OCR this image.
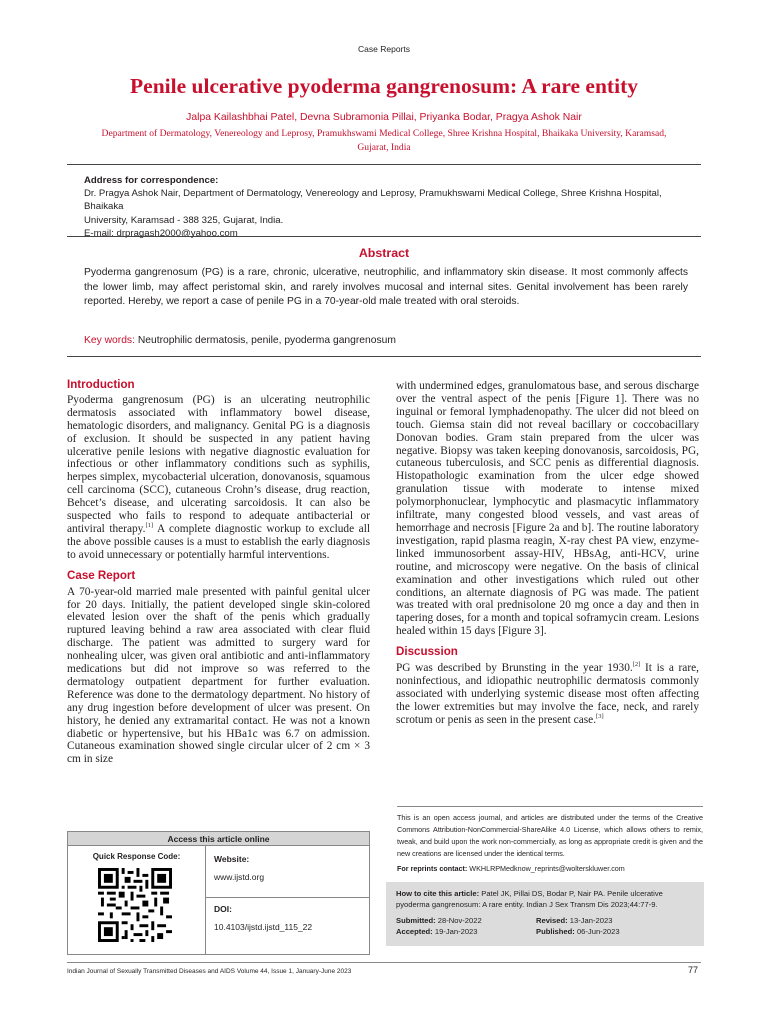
Case Reports
Penile ulcerative pyoderma gangrenosum: A rare entity
Jalpa Kailashbhai Patel, Devna Subramonia Pillai, Priyanka Bodar, Pragya Ashok Nair
Department of Dermatology, Venereology and Leprosy, Pramukhswami Medical College, Shree Krishna Hospital, Bhaikaka University, Karamsad, Gujarat, India
Address for correspondence:
Dr. Pragya Ashok Nair, Department of Dermatology, Venereology and Leprosy, Pramukhswami Medical College, Shree Krishna Hospital, Bhaikaka
University, Karamsad - 388 325, Gujarat, India.
E-mail: drpragash2000@yahoo.com
Abstract
Pyoderma gangrenosum (PG) is a rare, chronic, ulcerative, neutrophilic, and inflammatory skin disease. It most commonly affects the lower limb, may affect peristomal skin, and rarely involves mucosal and internal sites. Genital involvement has been rarely reported. Hereby, we report a case of penile PG in a 70-year-old male treated with oral steroids.
Key words: Neutrophilic dermatosis, penile, pyoderma gangrenosum
Introduction

Pyoderma gangrenosum (PG) is an ulcerating neutrophilic dermatosis associated with inflammatory bowel disease, hematologic disorders, and malignancy. Genital PG is a diagnosis of exclusion. It should be suspected in any patient having ulcerative penile lesions with negative diagnostic evaluation for infectious or other inflammatory conditions such as syphilis, herpes simplex, mycobacterial ulceration, donovanosis, squamous cell carcinoma (SCC), cutaneous Crohn’s disease, drug reaction, Behcet’s disease, and ulcerating sarcoidosis. It can also be suspected who fails to respond to adequate antibacterial or antiviral therapy.[1] A complete diagnostic workup to exclude all the above possible causes is a must to establish the early diagnosis to avoid unnecessary or potentially harmful interventions.

Case Report

A 70-year-old married male presented with painful genital ulcer for 20 days. Initially, the patient developed single skin-colored elevated lesion over the shaft of the penis which gradually ruptured leaving behind a raw area associated with clear fluid discharge. The patient was admitted to surgery ward for nonhealing ulcer, was given oral antibiotic and anti-inflammatory medications but did not improve so was referred to the dermatology outpatient department for further evaluation. Reference was done to the dermatology department. No history of any drug ingestion before development of ulcer was present. On history, he denied any extramarital contact. He was not a known diabetic or hypertensive, but his HBa1c was 6.7 on admission. Cutaneous examination showed single circular ulcer of 2 cm × 3 cm in size

with undermined edges, granulomatous base, and serous discharge over the ventral aspect of the penis [Figure 1]. There was no inguinal or femoral lymphadenopathy. The ulcer did not bleed on touch. Giemsa stain did not reveal bacillary or coccobacillary Donovan bodies. Gram stain prepared from the ulcer was negative. Biopsy was taken keeping donovanosis, sarcoidosis, PG, cutaneous tuberculosis, and SCC penis as differential diagnosis. Histopathologic examination from the ulcer edge showed granulation tissue with moderate to intense mixed polymorphonuclear, lymphocytic and plasmacytic inflammatory infiltrate, many congested blood vessels, and vast areas of hemorrhage and necrosis [Figure 2a and b]. The routine laboratory investigation, rapid plasma reagin, X-ray chest PA view, enzyme-linked immunosorbent assay-HIV, HBsAg, anti-HCV, urine routine, and microscopy were negative. On the basis of clinical examination and other investigations which ruled out other conditions, an alternate diagnosis of PG was made. The patient was treated with oral prednisolone 20 mg once a day and then in tapering doses, for a month and topical soframycin cream. Lesions healed within 15 days [Figure 3].

Discussion

PG was described by Brunsting in the year 1930.[2] It is a rare, noninfectious, and idiopathic neutrophilic dermatosis commonly associated with underlying systemic disease most often affecting the lower extremities but may involve the face, neck, and rarely scrotum or penis as seen in the present case.[3]

Access this article online
Quick Response Code:	Website:
www.ijstd.org
DOI:
10.4103/ijstd.ijstd_115_22
This is an open access journal, and articles are distributed under the terms of the Creative Commons Attribution-NonCommercial-ShareAlike 4.0 License, which allows others to remix, tweak, and build upon the work non-commercially, as long as appropriate credit is given and the new creations are licensed under the identical terms.
For reprints contact: WKHLRPMedknow_reprints@wolterskluwer.com
How to cite this article: Patel JK, Pillai DS, Bodar P, Nair PA. Penile ulcerative pyoderma gangrenosum: A rare entity. Indian J Sex Transm Dis 2023;44:77-9.
Submitted: 28-Nov-2022	Revised: 13-Jan-2023
Accepted: 19-Jan-2023	Published: 06-Jun-2023
Indian Journal of Sexually Transmitted Diseases and AIDS Volume 44, Issue 1, January-June 2023	77
